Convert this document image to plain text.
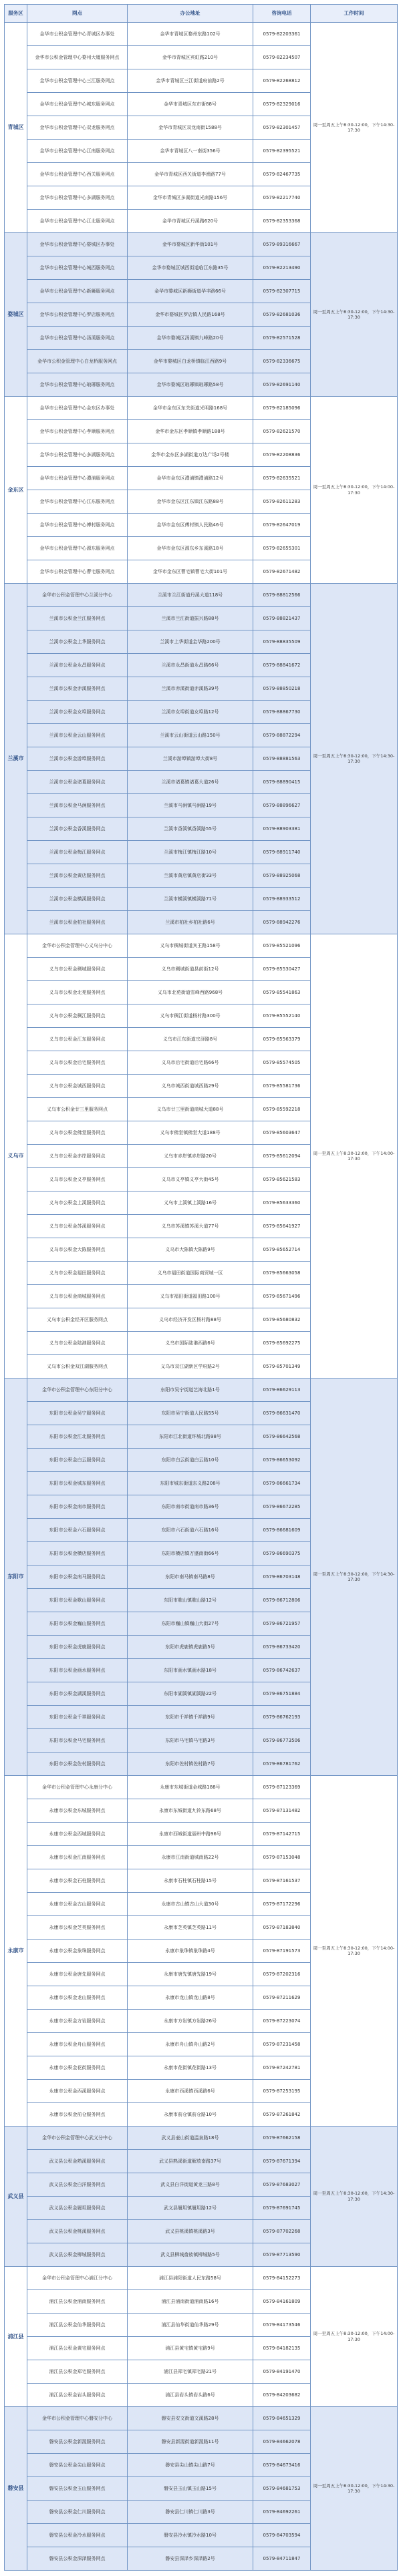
服务区	网点	办公地址	咨询电话	工作时间
青城区	金华市公积金管理中心青城区办事处	金华市青城区婺州东路102号	0579-82203361	周一至周五上午8:30-12:00，下午14:30-17:30
	金华市公积金管理中心婺州大厦服务网点	金华市青城区宾虹路210号	0579-82234507	
	金华市公积金管理中心三江服务网点	金华市青城区三江街道府前路2号	0579-82268812	
	金华市公积金管理中心城东服务网点	金华市青城区东市街88号	0579-82329016	
	金华市公积金管理中心双龙服务网点	金华市青城区双龙南街1588号	0579-82301457	
	金华市公积金管理中心江南服务网点	金华市青城区八一南街356号	0579-82395521	
	金华市公积金管理中心西关服务网点	金华市青城区西关街道李渔路77号	0579-82467735	
	金华市公积金管理中心多湖服务网点	金华市青城区多湖街道光南路156号	0579-82217740	
	金华市公积金管理中心江北服务网点	金华市青城区丹溪路620号	0579-82353368	
婺城区	金华市公积金管理中心婺城区办事处	金华市婺城区新华街101号	0579-89316667	周一至周五上午8:30-12:00，下午14:30-17:30
	金华市公积金管理中心城西服务网点	金华市婺城区城西街道临江东路35号	0579-82213490	
	金华市公积金管理中心新狮服务网点	金华市婺城区新狮街道华丰路66号	0579-82307715	
	金华市公积金管理中心罗店服务网点	金华市婺城区罗店镇人民路168号	0579-82681036	
	金华市公积金管理中心汤溪服务网点	金华市婺城区汤溪镇九峰路20号	0579-82571528	
	金华市公积金管理中心白龙桥服务网点	金华市婺城区白龙桥镇临江西路9号	0579-82336675	
	金华市公积金管理中心琅琊服务网点	金华市婺城区琅琊镇琅琊路58号	0579-82691140	
金东区	金华市公积金管理中心金东区办事处	金华市金东区东关街道光明路168号	0579-82185096	周一至周五上午8:30-12:00，下午14:00-17:30
	金华市公积金管理中心孝顺服务网点	金华市金东区孝顺镇孝顺路188号	0579-82621570	
	金华市公积金管理中心多湖服务网点	金华市金东区多湖街道万达广场2号楼	0579-82208836	
	金华市公积金管理中心澧浦服务网点	金华市金东区澧浦镇澧浦路12号	0579-82635521	
	金华市公积金管理中心江东服务网点	金华市金东区江东镇江东路88号	0579-82611283	
	金华市公积金管理中心傅村服务网点	金华市金东区傅村镇人民路46号	0579-82647019	
	金华市公积金管理中心源东服务网点	金华市金东区源东乡东溪路18号	0579-82655301	
	金华市公积金管理中心曹宅服务网点	金华市金东区曹宅镇曹宅大街101号	0579-82671482	
兰溪市	金华市公积金管理中心兰溪分中心	兰溪市兰江街道丹溪大道118号	0579-88812566	周一至周五上午8:30-12:00，下午14:30-17:30
	兰溪市公积金兰江服务网点	兰溪市兰江街道振兴路88号	0579-88821437	
	兰溪市公积金上华服务网点	兰溪市上华街道金华路200号	0579-88835509	
	兰溪市公积金永昌服务网点	兰溪市永昌街道永昌路66号	0579-88841672	
	兰溪市公积金赤溪服务网点	兰溪市赤溪街道赤溪路39号	0579-88850218	
	兰溪市公积金女埠服务网点	兰溪市女埠街道女埠路12号	0579-88867730	
	兰溪市公积金云山服务网点	兰溪市云山街道云山路150号	0579-88872294	
	兰溪市公积金游埠服务网点	兰溪市游埠镇游埠大街8号	0579-88881563	
	兰溪市公积金诸葛服务网点	兰溪市诸葛镇诸葛大道26号	0579-88890415	
	兰溪市公积金马涧服务网点	兰溪市马涧镇马涧路19号	0579-88896627	
	兰溪市公积金香溪服务网点	兰溪市香溪镇香溪路55号	0579-88903381	
	兰溪市公积金梅江服务网点	兰溪市梅江镇梅江路10号	0579-88911740	
	兰溪市公积金黄店服务网点	兰溪市黄店镇黄店街33号	0579-88925068	
	兰溪市公积金横溪服务网点	兰溪市横溪镇横溪路71号	0579-88933512	
	兰溪市公积金柏社服务网点	兰溪市柏社乡柏社路6号	0579-88942276	
义乌市	金华市公积金管理中心义乌分中心	义乌市稠城街道宾王路158号	0579-85521096	周一至周五上午8:30-12:00，下午14:00-17:30
	义乌市公积金稠城服务网点	义乌市稠城街道县前街12号	0579-85530427	
	义乌市公积金北苑服务网点	义乌市北苑街道雪峰西路968号	0579-85541863	
	义乌市公积金稠江服务网点	义乌市稠江街道杨村路300号	0579-85552140	
	义乌市公积金江东服务网点	义乌市江东街道宗泽路8号	0579-85563379	
	义乌市公积金后宅服务网点	义乌市后宅街道后宅路66号	0579-85574505	
	义乌市公积金城西服务网点	义乌市城西街道城西路29号	0579-85581736	
	义乌市公积金廿三里服务网点	义乌市廿三里街道商城大道88号	0579-85592218	
	义乌市公积金佛堂服务网点	义乌市佛堂镇佛堂大道188号	0579-85603647	
	义乌市公积金赤岸服务网点	义乌市赤岸镇赤岸路20号	0579-85612094	
	义乌市公积金义亭服务网点	义乌市义亭镇义亭大街45号	0579-85621583	
	义乌市公积金上溪服务网点	义乌市上溪镇上溪路16号	0579-85633360	
	义乌市公积金苏溪服务网点	义乌市苏溪镇苏溪大道77号	0579-85641927	
	义乌市公积金大陈服务网点	义乌市大陈镇大陈路9号	0579-85652714	
	义乌市公积金福田服务网点	义乌市福田街道国际商贸城一区	0579-85663058	
	义乌市公积金商城服务网点	义乌市福田街道福田路100号	0579-85671496	
	义乌市公积金经开区服务网点	义乌市经济开发区杨村路88号	0579-85680832	
	义乌市公积金陆港服务网点	义乌市国际陆港西路6号	0579-85692275	
	义乌市公积金双江湖服务网点	义乌市双江湖新区学府路2号	0579-85701349	
东阳市	金华市公积金管理中心东阳分中心	东阳市吴宁街道艺海北路1号	0579-86629113	周一至周五上午8:30-12:00，下午14:30-17:30
	东阳市公积金吴宁服务网点	东阳市吴宁街道人民路55号	0579-86631470	
	东阳市公积金江北服务网点	东阳市江北街道环城北路98号	0579-86642568	
	东阳市公积金白云服务网点	东阳市白云街道白云路10号	0579-86653092	
	东阳市公积金城东服务网点	东阳市城东街道东义路208号	0579-86661734	
	东阳市公积金南市服务网点	东阳市南市街道南市路36号	0579-86672285	
	东阳市公积金六石服务网点	东阳市六石街道六石路16号	0579-86681609	
	东阳市公积金横店服务网点	东阳市横店镇万盛南街66号	0579-86690375	
	东阳市公积金南马服务网点	东阳市南马镇南马路8号	0579-86703148	
	东阳市公积金歌山服务网点	东阳市歌山镇歌山路12号	0579-86712806	
	东阳市公积金巍山服务网点	东阳市巍山镇巍山大街27号	0579-86721957	
	东阳市公积金虎鹿服务网点	东阳市虎鹿镇虎鹿路5号	0579-86733420	
	东阳市公积金画水服务网点	东阳市画水镇画水路18号	0579-86742637	
	东阳市公积金湖溪服务网点	东阳市湖溪镇湖溪路22号	0579-86751884	
	东阳市公积金千祥服务网点	东阳市千祥镇千祥路9号	0579-86762193	
	东阳市公积金马宅服务网点	东阳市马宅镇马宅路3号	0579-86773506	
	东阳市公积金佐村服务网点	东阳市佐村镇佐村路7号	0579-86781762	
永康市	金华市公积金管理中心永康分中心	永康市东城街道金城路188号	0579-87123369	周一至周五上午8:30-12:00，下午14:00-17:30
	永康市公积金东城服务网点	永康市东城街道九铃东路68号	0579-87131482	
	永康市公积金西城服务网点	永康市西城街道丽州中路96号	0579-87142715	
	永康市公积金江南服务网点	永康市江南街道城南路22号	0579-87153048	
	永康市公积金石柱服务网点	永康市石柱镇石柱路15号	0579-87161537	
	永康市公积金古山服务网点	永康市古山镇古山大道30号	0579-87172296	
	永康市公积金芝英服务网点	永康市芝英镇芝英路11号	0579-87183840	
	永康市公积金象珠服务网点	永康市象珠镇象珠路4号	0579-87191573	
	永康市公积金唐先服务网点	永康市唐先镇唐先路19号	0579-87202316	
	永康市公积金龙山服务网点	永康市龙山镇龙山路8号	0579-87211629	
	永康市公积金方岩服务网点	永康市方岩镇方岩路26号	0579-87223074	
	永康市公积金舟山服务网点	永康市舟山镇舟山路2号	0579-87231458	
	永康市公积金花街服务网点	永康市花街镇花街路13号	0579-87242781	
	永康市公积金西溪服务网点	永康市西溪镇西溪路6号	0579-87253195	
	永康市公积金前仓服务网点	永康市前仓镇前仓路10号	0579-87261842	
武义县	金华市公积金管理中心武义分中心	武义县壶山街道温泉路18号	0579-87662158	周一至周五上午8:30-12:00，下午14:30-17:30
	武义县公积金熟溪服务网点	武义县熟溪街道解放南路37号	0579-87671394	
	武义县公积金白洋服务网点	武义县白洋街道黄龙三路8号	0579-87683027	
	武义县公积金履坦服务网点	武义县履坦镇履坦路12号	0579-87691745	
	武义县公积金桃溪服务网点	武义县桃溪镇桃溪路3号	0579-87702268	
	武义县公积金柳城服务网点	武义县柳城畲族镇柳城路5号	0579-87713590	
浦江县	金华市公积金管理中心浦江分中心	浦江县浦阳街道人民东路58号	0579-84152273	周一至周五上午8:30-12:00，下午14:00-17:30
	浦江县公积金浦南服务网点	浦江县浦南街道浦南路16号	0579-84161809	
	浦江县公积金仙华服务网点	浦江县仙华街道仙华路29号	0579-84173546	
	浦江县公积金黄宅服务网点	浦江县黄宅镇黄宅路9号	0579-84182135	
	浦江县公积金郑宅服务网点	浦江县郑宅镇郑宅路21号	0579-84191470	
	浦江县公积金岩头服务网点	浦江县岩头镇岩头路6号	0579-84203682	
磐安县	金华市公积金管理中心磐安分中心	磐安县安文街道文溪路28号	0579-84651329	周一至周五上午8:30-12:00，下午14:30-17:30
	磐安县公积金新渥服务网点	磐安县新渥街道新渥路11号	0579-84662078	
	磐安县公积金尖山服务网点	磐安县尖山镇尖山路7号	0579-84673416	
	磐安县公积金玉山服务网点	磐安县玉山镇玉山路15号	0579-84681753	
	磐安县公积金仁川服务网点	磐安县仁川镇仁川路3号	0579-84692261	
	磐安县公积金冷水服务网点	磐安县冷水镇冷水路10号	0579-84703594	
	磐安县公积金深泽服务网点	磐安县深泽乡深泽路2号	0579-84711847	
